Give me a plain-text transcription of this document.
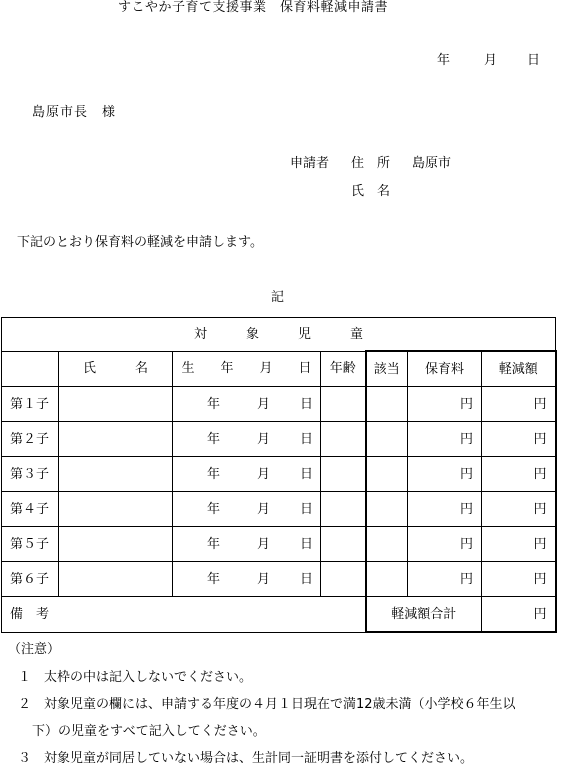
すこやか子育て支援事業　保育料軽減申請書
年	月 日
島原市長　様
申請者 住　所 島原市
氏　名
下記のとおり保育料の軽減を申請します。
記
対　　　象　　　児　　　童						
	氏　　　名	生　　年　　月　　日	年齢	該当	保育料	軽減額
第１子		年 月 日			円	円
第２子		年 月 日			円	円
第３子		年 月 日			円	円
第４子		年 月 日			円	円
第５子		年 月 日			円	円
第６子		年 月 日			円	円
備　考				軽減額合計		円
（注意）
１　太枠の中は記入しないでください。
２　対象児童の欄には、申請する年度の４月１日現在で満12歳未満（小学校６年生以
下）の児童をすべて記入してください。
３　対象児童が同居していない場合は、生計同一証明書を添付してください。
